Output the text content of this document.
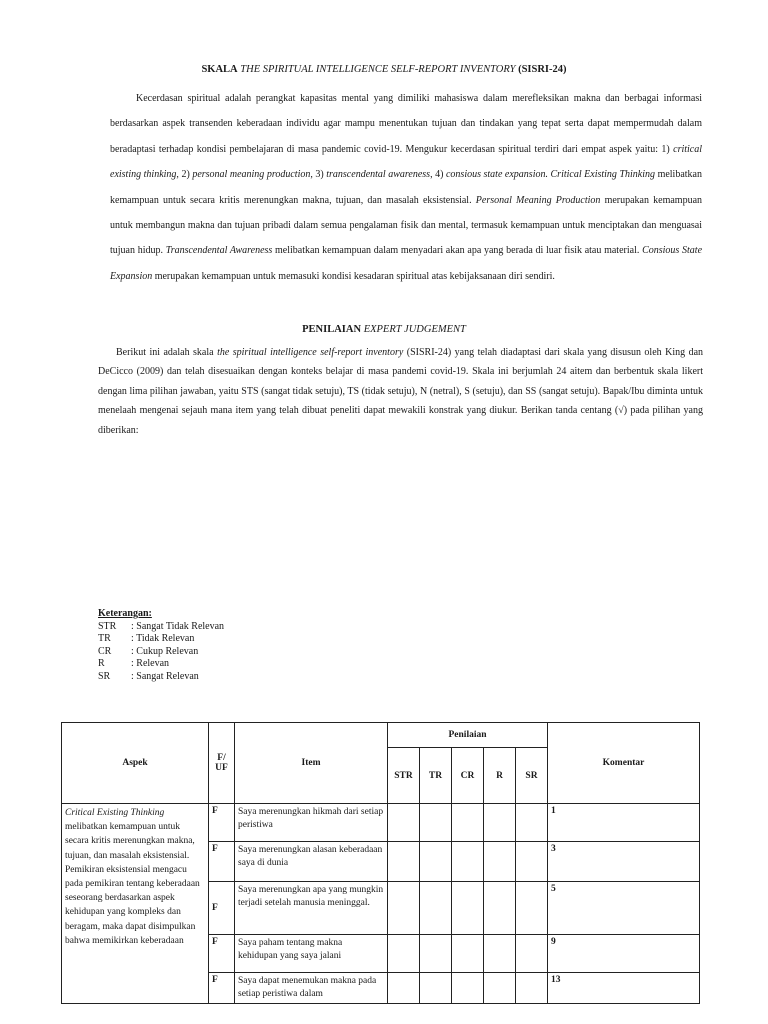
SKALA THE SPIRITUAL INTELLIGENCE SELF-REPORT INVENTORY (SISRI-24)

Kecerdasan spiritual adalah perangkat kapasitas mental yang dimiliki mahasiswa dalam merefleksikan makna dan berbagai informasi berdasarkan aspek transenden keberadaan individu agar mampu menentukan tujuan dan tindakan yang tepat serta dapat mempermudah dalam beradaptasi terhadap kondisi pembelajaran di masa pandemic covid-19. Mengukur kecerdasan spiritual terdiri dari empat aspek yaitu: 1) critical existing thinking, 2) personal meaning production, 3) transcendental awareness, 4) consious state expansion. Critical Existing Thinking melibatkan kemampuan untuk secara kritis merenungkan makna, tujuan, dan masalah eksistensial. Personal Meaning Production merupakan kemampuan untuk membangun makna dan tujuan pribadi dalam semua pengalaman fisik dan mental, termasuk kemampuan untuk menciptakan dan menguasai tujuan hidup. Transcendental Awareness melibatkan kemampuan dalam menyadari akan apa yang berada di luar fisik atau material. Consious State Expansion merupakan kemampuan untuk memasuki kondisi kesadaran spiritual atas kebijaksanaan diri sendiri.

PENILAIAN EXPERT JUDGEMENT

Berikut ini adalah skala the spiritual intelligence self-report inventory (SISRI-24) yang telah diadaptasi dari skala yang disusun oleh King dan DeCicco (2009) dan telah disesuaikan dengan konteks belajar di masa pandemi covid-19. Skala ini berjumlah 24 aitem dan berbentuk skala likert dengan lima pilihan jawaban, yaitu STS (sangat tidak setuju), TS (tidak setuju), N (netral), S (setuju), dan SS (sangat setuju). Bapak/Ibu diminta untuk menelaah mengenai sejauh mana item yang telah dibuat peneliti dapat mewakili konstrak yang diukur. Berikan tanda centang (√) pada pilihan yang diberikan:

Keterangan:
STR	: Sangat Tidak Relevan
TR	: Tidak Relevan
CR	: Cukup Relevan
R	: Relevan
SR	: Sangat Relevan
Aspek	F/ UF	Item	Penilaian					Komentar
			STR	TR	CR	R	SR	
Critical Existing Thinking melibatkan kemampuan untuk secara kritis merenungkan makna, tujuan, dan masalah eksistensial. Pemikiran eksistensial mengacu pada pemikiran tentang keberadaan seseorang berdasarkan aspek kehidupan yang kompleks dan beragam, maka dapat disimpulkan bahwa memikirkan keberadaan	F	Saya merenungkan hikmah dari setiap peristiwa						1
	F	Saya merenungkan alasan keberadaan saya di dunia						3
	F	Saya merenungkan apa yang mungkin terjadi setelah manusia meninggal.						5
	F	Saya paham tentang makna kehidupan yang saya jalani						9
	F	Saya dapat menemukan makna pada setiap peristiwa dalam						13
